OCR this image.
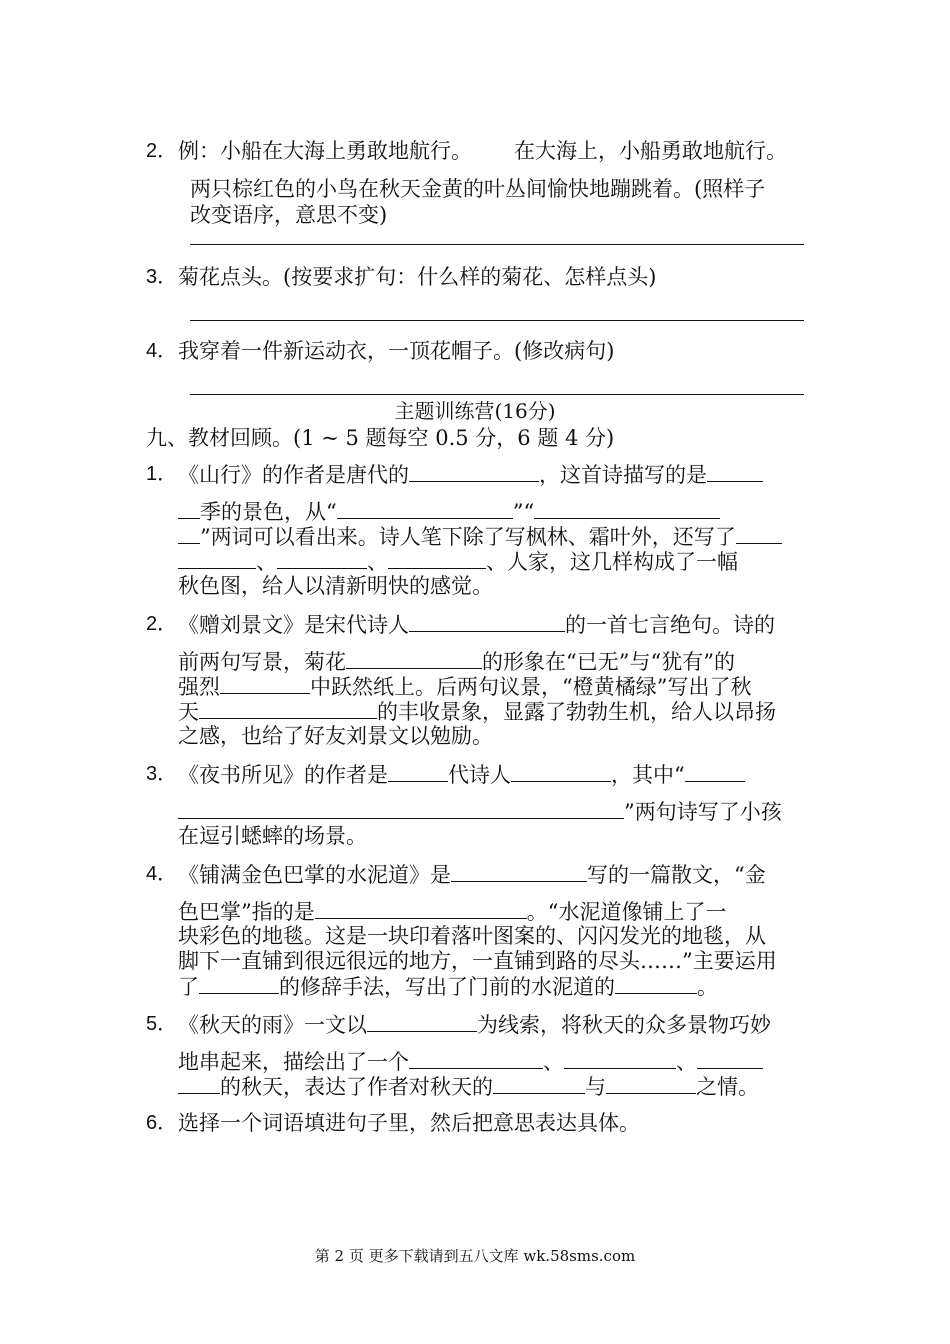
2． 例：小船在大海上勇敢地航行。 在大海上，小船勇敢地航行。
两只棕红色的小鸟在秋天金黄的叶丛间愉快地蹦跳着。(照样子
改变语序，意思不变)
3． 菊花点头。(按要求扩句：什么样的菊花、怎样点头)
4． 我穿着一件新运动衣，一顶花帽子。(修改病句)
主题训练营(16分)
九、教材回顾。(1 ~ 5 题每空 0.5 分，6 题 4 分)
1． 《山行》的作者是唐代的	，这首诗描写的是
季的景色，从“	”“
”两词可以看出来。诗人笔下除了写枫林、霜叶外，还写了
、	、	、人家，这几样构成了一幅
秋色图，给人以清新明快的感觉。
2． 《赠刘景文》是宋代诗人	的一首七言绝句。诗的
前两句写景，菊花	的形象在“已无”与“犹有”的
强烈	中跃然纸上。后两句议景，“橙黄橘绿”写出了秋
天	的丰收景象，显露了勃勃生机，给人以昂扬
之感，也给了好友刘景文以勉励。
3． 《夜书所见》的作者是	代诗人	，其中“
”两句诗写了小孩
在逗引蟋蟀的场景。
4． 《铺满金色巴掌的水泥道》是	写的一篇散文，“金
色巴掌”指的是	。“水泥道像铺上了一
块彩色的地毯。这是一块印着落叶图案的、闪闪发光的地毯，从
脚下一直铺到很远很远的地方，一直铺到路的尽头……”主要运用
了	的修辞手法，写出了门前的水泥道的	。
5． 《秋天的雨》一文以	为线索，将秋天的众多景物巧妙
地串起来，描绘出了一个	、	、
的秋天，表达了作者对秋天的	与	之情。
6． 选择一个词语填进句子里，然后把意思表达具体。
第 2 页 更多下载请到五八文库 wk.58sms.com
